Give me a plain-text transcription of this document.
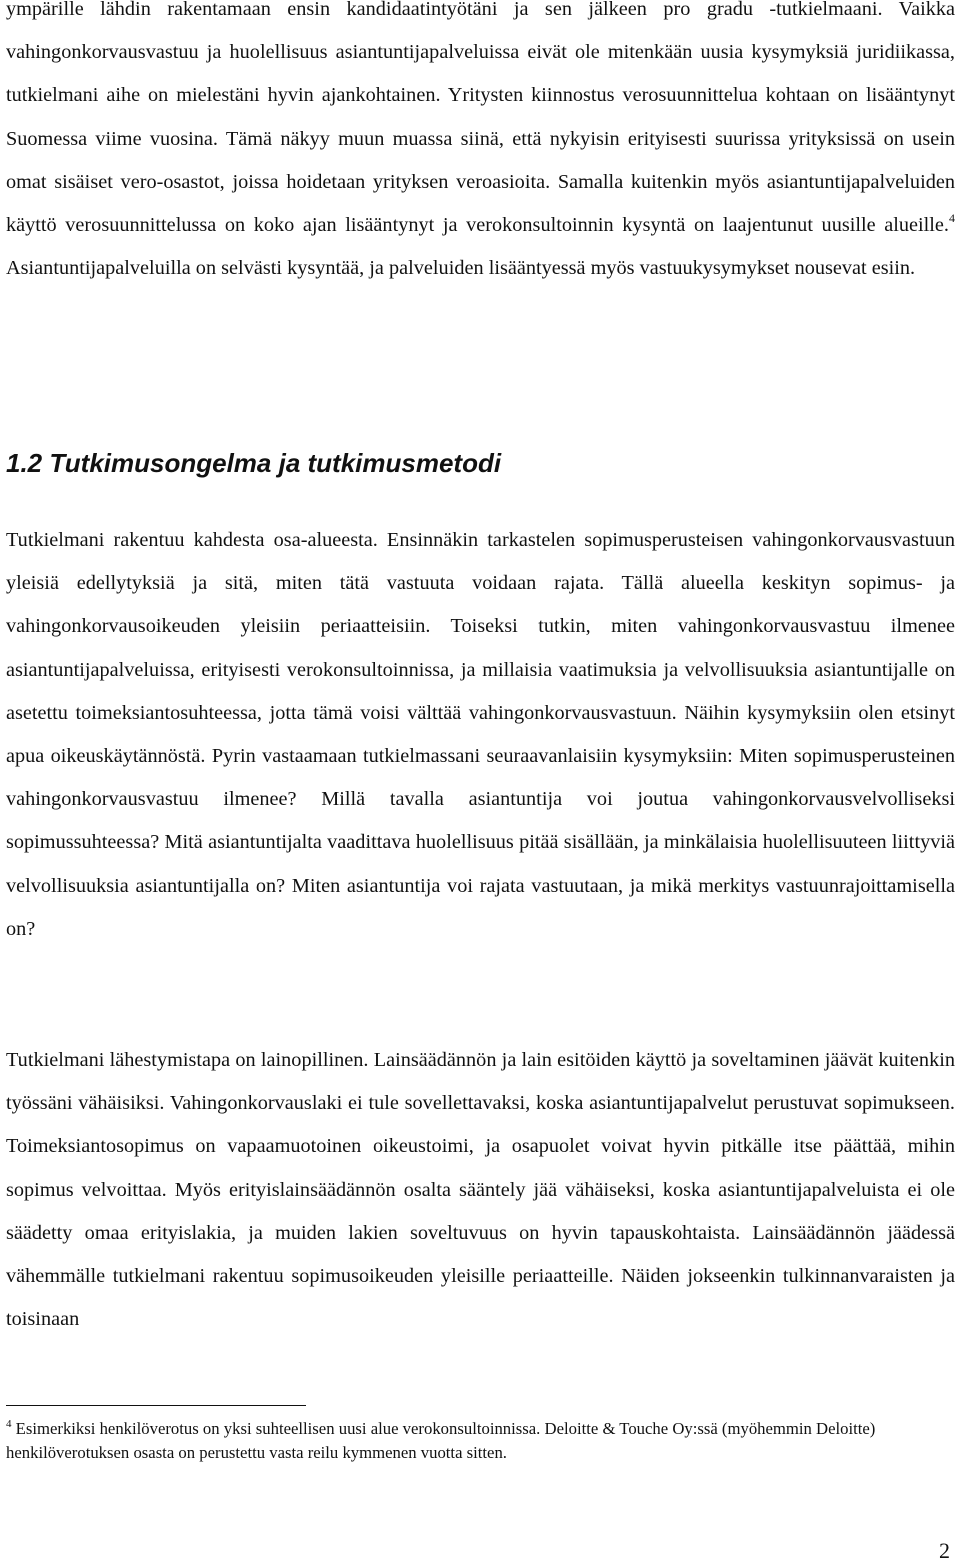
ympärille lähdin rakentamaan ensin kandidaatintyötäni ja sen jälkeen pro gradu -tutkielmaani. Vaikka vahingonkorvausvastuu ja huolellisuus asiantuntijapalveluissa eivät ole mitenkään uusia kysymyksiä juridiikassa, tutkielmani aihe on mielestäni hyvin ajankohtainen. Yritysten kiinnostus verosuunnittelua kohtaan on lisääntynyt Suomessa viime vuosina. Tämä näkyy muun muassa siinä, että nykyisin erityisesti suurissa yrityksissä on usein omat sisäiset vero-osastot, joissa hoidetaan yrityksen veroasioita. Samalla kuitenkin myös asiantuntijapalveluiden käyttö verosuunnittelussa on koko ajan lisääntynyt ja verokonsultoinnin kysyntä on laajentunut uusille alueille.$^4$ Asiantuntijapalveluilla on selvästi kysyntää, ja palveluiden lisääntyessä myös vastuukysymykset nousevat esiin.

1.2 Tutkimusongelma ja tutkimusmetodi

Tutkielmani rakentuu kahdesta osa-alueesta. Ensinnäkin tarkastelen sopimusperusteisen vahingonkorvausvastuun yleisiä edellytyksiä ja sitä, miten tätä vastuuta voidaan rajata. Tällä alueella keskityn sopimus- ja vahingonkorvausoikeuden yleisiin periaatteisiin. Toiseksi tutkin, miten vahingonkorvausvastuu ilmenee asiantuntijapalveluissa, erityisesti verokonsultoinnissa, ja millaisia vaatimuksia ja velvollisuuksia asiantuntijalle on asetettu toimeksiantosuhteessa, jotta tämä voisi välttää vahingonkorvausvastuun. Näihin kysymyksiin olen etsinyt apua oikeuskäytännöstä. Pyrin vastaamaan tutkielmassani seuraavanlaisiin kysymyksiin: Miten sopimusperusteinen vahingonkorvausvastuu ilmenee? Millä tavalla asiantuntija voi joutua vahingonkorvausvelvolliseksi sopimussuhteessa? Mitä asiantuntijalta vaadittava huolellisuus pitää sisällään, ja minkälaisia huolellisuuteen liittyviä velvollisuuksia asiantuntijalla on? Miten asiantuntija voi rajata vastuutaan, ja mikä merkitys vastuunrajoittamisella on?

Tutkielmani lähestymistapa on lainopillinen. Lainsäädännön ja lain esitöiden käyttö ja soveltaminen jäävät kuitenkin työssäni vähäisiksi. Vahingonkorvauslaki ei tule sovellettavaksi, koska asiantuntijapalvelut perustuvat sopimukseen. Toimeksiantosopimus on vapaamuotoinen oikeustoimi, ja osapuolet voivat hyvin pitkälle itse päättää, mihin sopimus velvoittaa. Myös erityislainsäädännön osalta sääntely jää vähäiseksi, koska asiantuntijapalveluista ei ole säädetty omaa erityislakia, ja muiden lakien soveltuvuus on hyvin tapauskohtaista. Lainsäädännön jäädessä vähemmälle tutkielmani rakentuu sopimusoikeuden yleisille periaatteille. Näiden jokseenkin tulkinnanvaraisten ja toisinaan

$^4$ Esimerkiksi henkilöverotus on yksi suhteellisen uusi alue verokonsultoinnissa. Deloitte & Touche Oy:ssä (myöhemmin Deloitte) henkilöverotuksen osasta on perustettu vasta reilu kymmenen vuotta sitten.

2
